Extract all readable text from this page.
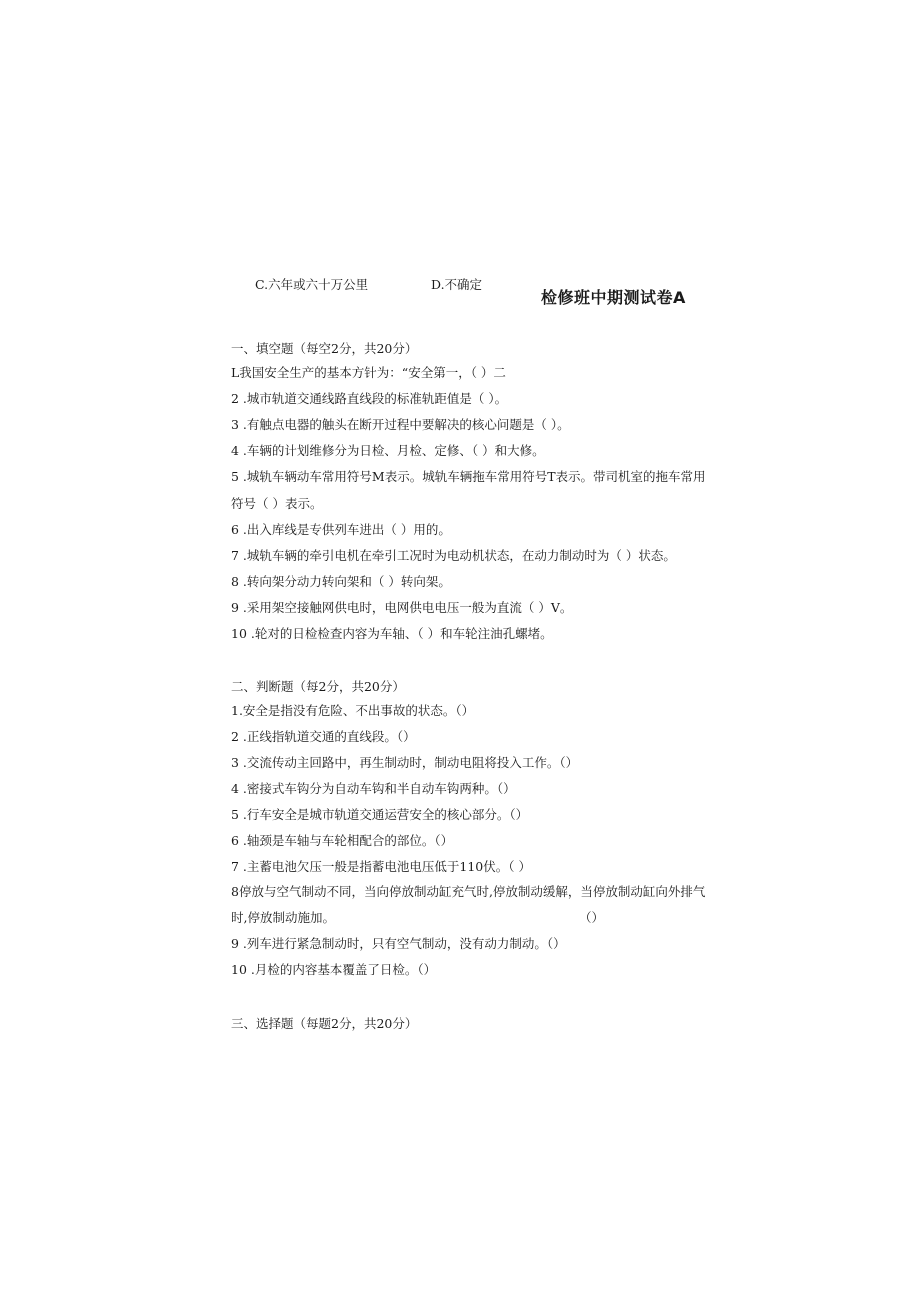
C.六年或六十万公里	D.不确定
检修班中期测试卷A
一、填空题（每空2分，共20分）
L我国安全生产的基本方针为：“安全第一，（ ）二
2 .城市轨道交通线路直线段的标准轨距值是（ ）。
3 .有触点电器的触头在断开过程中要解决的核心问题是（ ）。
4 .车辆的计划维修分为日检、月检、定修、（ ）和大修。
5 .城轨车辆动车常用符号M表示。城轨车辆拖车常用符号T表示。带司机室的拖车常用
符号（ ）表示。
6 .出入库线是专供列车进出（ ）用的。
7 .城轨车辆的牵引电机在牵引工况时为电动机状态，在动力制动时为（ ）状态。
8 .转向架分动力转向架和（ ）转向架。
9 .采用架空接触网供电时，电网供电电压一般为直流（ ）V。
10 .轮对的日检检查内容为车轴、（ ）和车轮注油孔螺堵。
二、判断题（每2分，共20分）
1.安全是指没有危险、不出事故的状态。（）
2 .正线指轨道交通的直线段。（）
3 .交流传动主回路中，再生制动时，制动电阻将投入工作。（）
4 .密接式车钩分为自动车钩和半自动车钩两种。（）
5 .行车安全是城市轨道交通运营安全的核心部分。（）
6 .轴颈是车轴与车轮相配合的部位。（）
7 .主蓄电池欠压一般是指蓄电池电压低于110伏。（ ）
8停放与空气制动不同，当向停放制动缸充气时,停放制动缓解，当停放制动缸向外排气
时,停放制动施加。	（）
9 .列车进行紧急制动时，只有空气制动，没有动力制动。（）
10 .月检的内容基本覆盖了日检。（）
三、选择题（每题2分，共20分）
